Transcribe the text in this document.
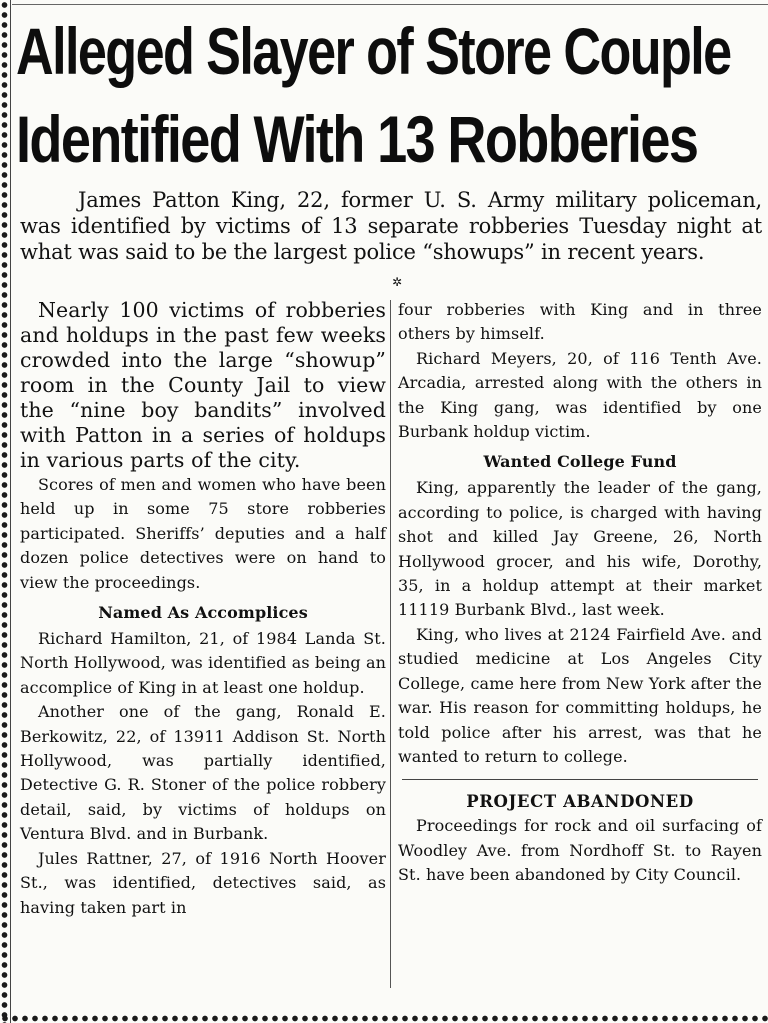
Alleged Slayer of Store Couple
Identified With 13 Robberies

James Patton King, 22, former U. S. Army military policeman, was identified by victims of 13 separate robberies Tuesday night at what was said to be the largest police “showups” in recent years.

✲

Nearly 100 victims of robberies and holdups in the past few weeks crowded into the large “showup” room in the County Jail to view the “nine boy bandits” involved with Patton in a series of holdups in various parts of the city.

Scores of men and women who have been held up in some 75 store robberies participated. Sheriffs’ deputies and a half dozen police detectives were on hand to view the proceedings.

Named As Accomplices

Richard Hamilton, 21, of 1984 Landa St. North Hollywood, was identified as being an accomplice of King in at least one holdup.

Another one of the gang, Ronald E. Berkowitz, 22, of 13911 Addison St. North Hollywood, was partially identified, Detective G. R. Stoner of the police robbery detail, said, by victims of holdups on Ventura Blvd. and in Burbank.

Jules Rattner, 27, of 1916 North Hoover St., was identified, detectives said, as having taken part in

four robberies with King and in three others by himself.

Richard Meyers, 20, of 116 Tenth Ave. Arcadia, arrested along with the others in the King gang, was identified by one Burbank holdup victim.

Wanted College Fund

King, apparently the leader of the gang, according to police, is charged with having shot and killed Jay Greene, 26, North Hollywood grocer, and his wife, Dorothy, 35, in a holdup attempt at their market 11119 Burbank Blvd., last week.

King, who lives at 2124 Fairfield Ave. and studied medicine at Los Angeles City College, came here from New York after the war. His reason for committing holdups, he told police after his arrest, was that he wanted to return to college.

PROJECT ABANDONED

Proceedings for rock and oil surfacing of Woodley Ave. from Nordhoff St. to Rayen St. have been abandoned by City Council.
